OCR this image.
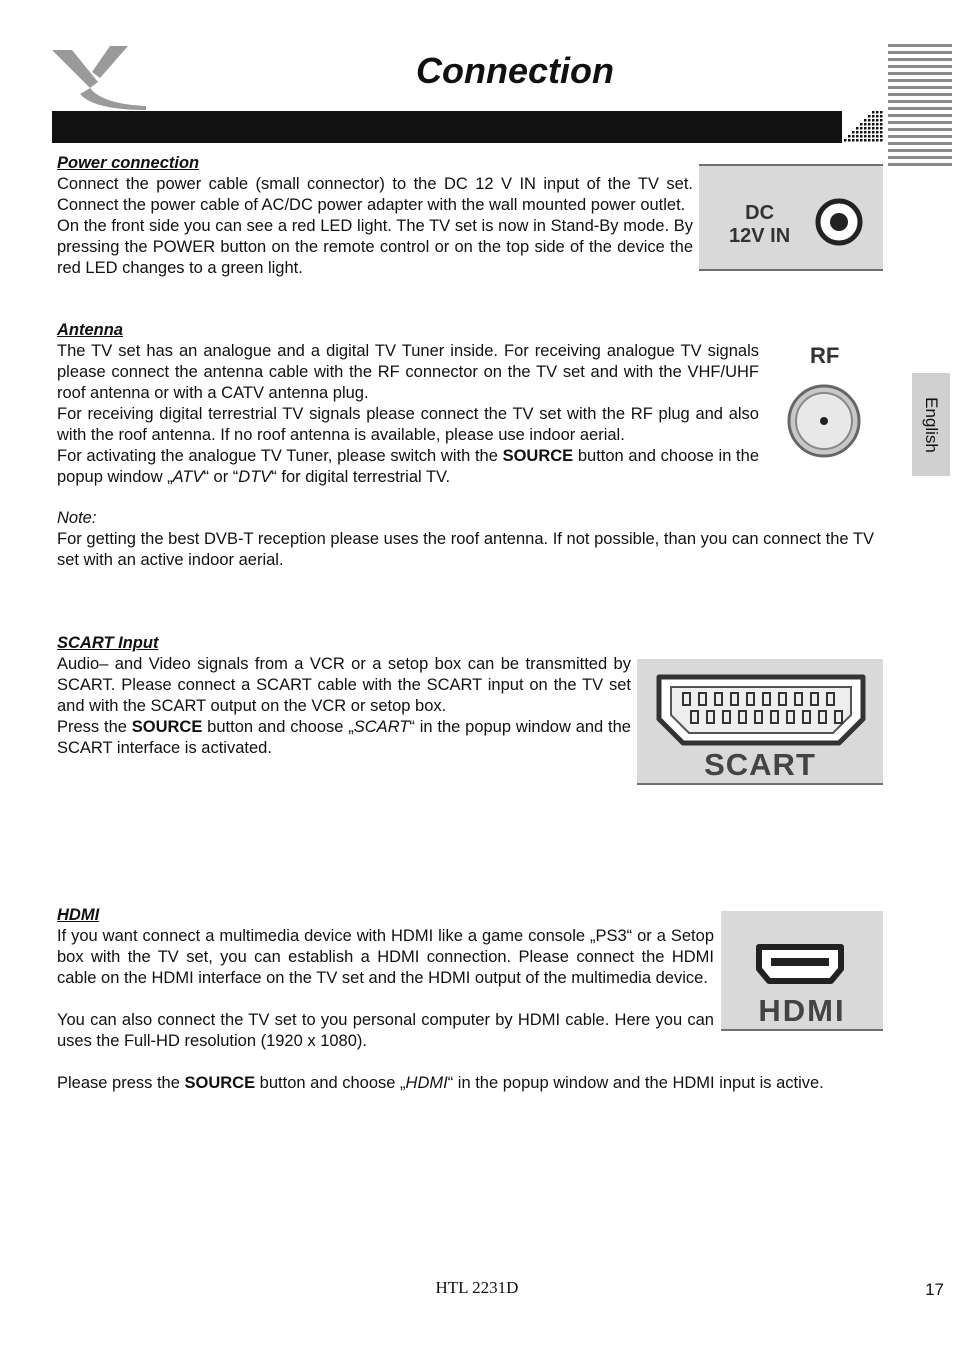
Connection
English

Power connection

Connect the power cable (small connector) to the DC 12 V IN input of the TV set. Connect the power cable of AC/DC power adapter with the wall mounted power outlet.

On the front side you can see a red LED light. The TV set is now in Stand-By mode. By pressing the POWER button on the remote control or on the top side of the device the red LED changes to a green light.

DC
12V IN

Antenna

The TV set has an analogue and a digital TV Tuner inside. For receiving analogue TV signals please connect the antenna cable with the RF connector on the TV set and with the VHF/UHF roof antenna or with a CATV antenna plug.

For receiving digital terrestrial TV signals please connect the TV set with the RF plug and also with the roof antenna. If no roof antenna is available, please use indoor aerial.

For activating the analogue TV Tuner, please switch with the SOURCE button and choose in the popup window „ATV“ or “DTV“ for digital terrestrial TV.

RF

Note:

For getting the best DVB-T reception please uses the roof antenna. If not possible, than you can connect the TV set with an active indoor aerial.

SCART Input

Audio– and Video signals from a VCR or a setop box can be transmitted by SCART. Please connect a SCART cable with the SCART input on the TV set and with the SCART output on the VCR or setop box.

Press the SOURCE button and choose „SCART“ in the popup window and the SCART interface is activated.	SCART

HDMI

If you want connect a multimedia device with HDMI like a game console „PS3“ or a Setop box with the TV set, you can establish a HDMI connection. Please connect the HDMI cable on the HDMI interface on the TV set and the HDMI output of the multimedia device.

You can also connect the TV set to you personal computer by HDMI cable. Here you can uses the Full-HD resolution (1920 x 1080).

Please press the SOURCE button and choose „HDMI“ in the popup window and the HDMI input is active.

HDMI
HTL 2231D	17
